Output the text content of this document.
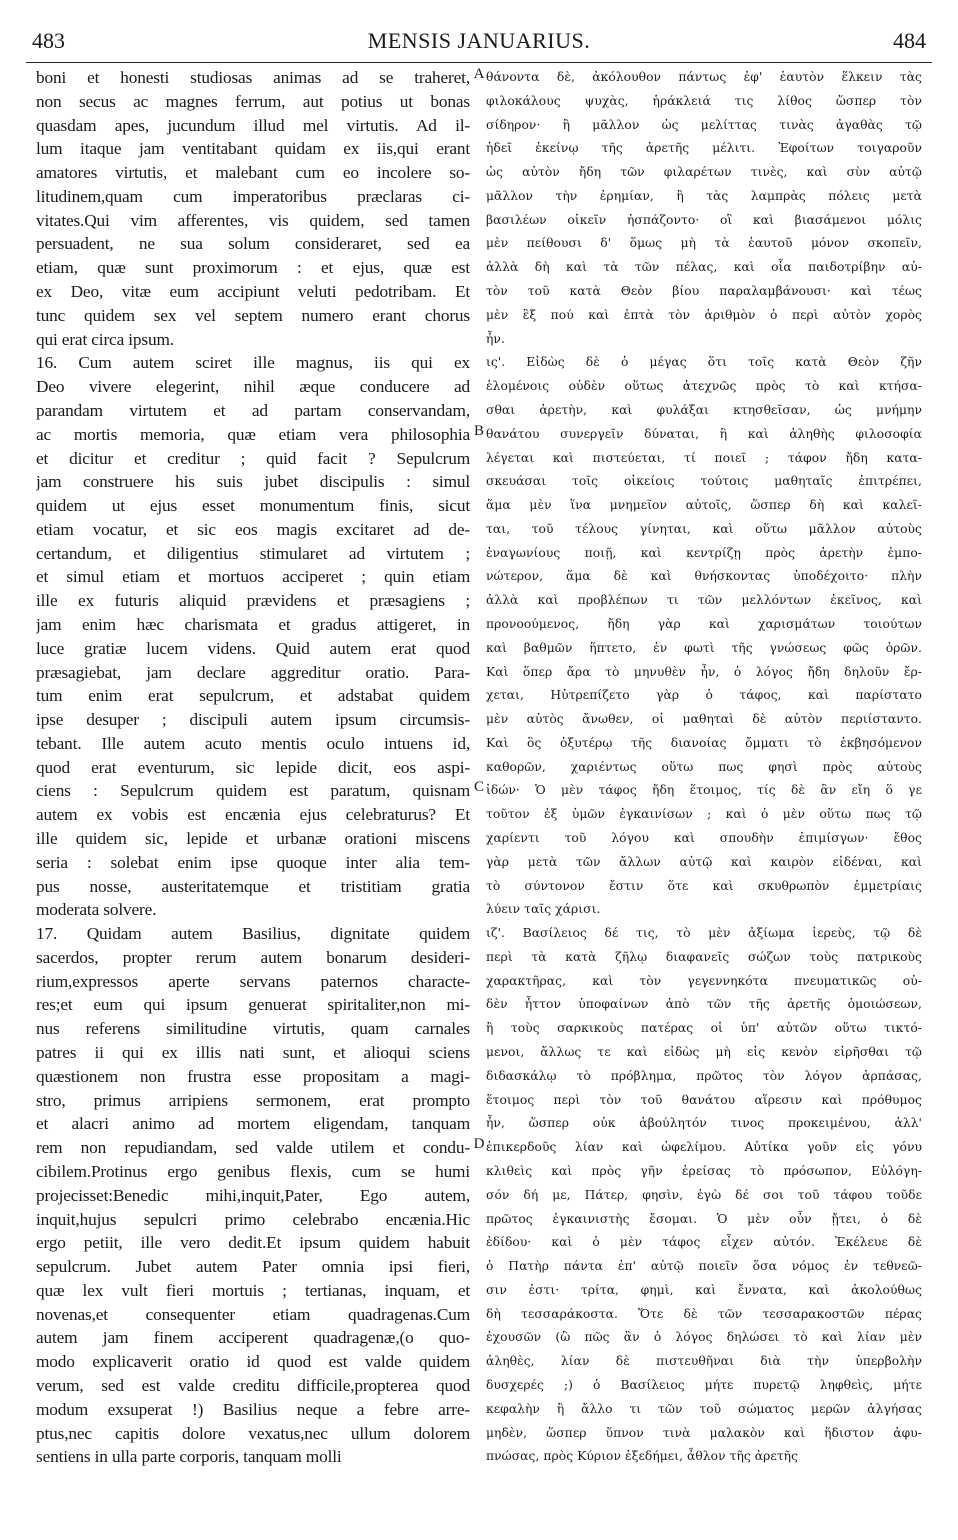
483	MENSIS JANUARIUS.	484
boni et honesti studiosas animas ad se traheret,
non secus ac magnes ferrum, aut potius ut bonas
quasdam apes, jucundum illud mel virtutis. Ad il-
lum itaque jam ventitabant quidam ex iis,qui erant
amatores virtutis, et malebant cum eo incolere so-
litudinem,quam cum imperatoribus præclaras ci-
vitates.Qui vim afferentes, vis quidem, sed tamen
persuadent, ne sua solum consideraret, sed ea
etiam, quæ sunt proximorum : et ejus, quæ est
ex Deo, vitæ eum accipiunt veluti pedotribam. Et
tunc quidem sex vel septem numero erant chorus
qui erat circa ipsum.
16. Cum autem sciret ille magnus, iis qui ex
Deo vivere elegerint, nihil æque conducere ad
parandam virtutem et ad partam conservandam,
ac mortis memoria, quæ etiam vera philosophia
et dicitur et creditur ; quid facit ? Sepulcrum
jam construere his suis jubet discipulis : simul
quidem ut ejus esset monumentum finis, sicut
etiam vocatur, et sic eos magis excitaret ad de-
certandum, et diligentius stimularet ad virtutem ;
et simul etiam et mortuos acciperet ; quin etiam
ille ex futuris aliquid prævidens et præsagiens ;
jam enim hæc charismata et gradus attigeret, in
luce gratiæ lucem videns. Quid autem erat quod
præsagiebat, jam declare aggreditur oratio. Para-
tum enim erat sepulcrum, et adstabat quidem
ipse desuper ; discipuli autem ipsum circumsis-
tebant. Ille autem acuto mentis oculo intuens id,
quod erat eventurum, sic lepide dicit, eos aspi-
ciens : Sepulcrum quidem est paratum, quisnam
autem ex vobis est encænia ejus celebraturus? Et
ille quidem sic, lepide et urbanæ orationi miscens
seria : solebat enim ipse quoque inter alia tem-
pus nosse, austeritatemque et tristitiam gratia
moderata solvere.
17. Quidam autem Basilius, dignitate quidem
sacerdos, propter rerum autem bonarum desideri-
rium,expressos aperte servans paternos characte-
res;et eum qui ipsum genuerat spiritaliter,non mi-
nus referens similitudine virtutis, quam carnales
patres ii qui ex illis nati sunt, et alioqui sciens
quæstionem non frustra esse propositam a magi-
stro, primus arripiens sermonem, erat prompto
et alacri animo ad mortem eligendam, tanquam
rem non repudiandam, sed valde utilem et condu-
cibilem.Protinus ergo genibus flexis, cum se humi
projecisset:Benedic mihi,inquit,Pater, Ego autem,
inquit,hujus sepulcri primo celebrabo encænia.Hic
ergo petiit, ille vero dedit.Et ipsum quidem habuit
sepulcrum. Jubet autem Pater omnia ipsi fieri,
quæ lex vult fieri mortuis ; tertianas, inquam, et
novenas,et consequenter etiam quadragenas.Cum
autem jam finem acciperent quadragenæ,(o quo-
modo explicaverit oratio id quod est valde quidem
verum, sed est valde creditu difficile,propterea quod
modum exsuperat !) Basilius neque a febre arre-
ptus,nec capitis dolore vexatus,nec ullum dolorem
sentiens in ulla parte corporis, tanquam molli
θάνοντα δὲ, ἀκόλουθον πάντως ἐφ' ἑαυτὸν ἕλκειν τὰς
φιλοκάλους ψυχὰς, ἡράκλειά τις λίθος ὥσπερ τὸν
σίδηρον· ἢ μᾶλλον ὡς μελίττας τινὰς ἀγαθὰς τῷ
ἡδεῖ ἐκείνῳ τῆς ἀρετῆς μέλιτι. Ἐφοίτων τοιγαροῦν
ὡς αὐτὸν ἤδη τῶν φιλαρέτων τινὲς, καὶ σὺν αὐτῷ
μᾶλλον τὴν ἐρημίαν, ἢ τὰς λαμπρὰς πόλεις μετὰ
βασιλέων οἰκεῖν ἠσπάζοντο· οἳ καὶ βιασάμενοι μόλις
μὲν πείθουσι δ' ὅμως μὴ τὰ ἑαυτοῦ μόνον σκοπεῖν,
ἀλλὰ δὴ καὶ τὰ τῶν πέλας, καὶ οἷα παιδοτρίβην αὐ-
τὸν τοῦ κατὰ Θεὸν βίου παραλαμβάνουσι· καὶ τέως
μὲν ἓξ πού καὶ ἑπτὰ τὸν ἀριθμὸν ὁ περὶ αὐτὸν χορὸς
ἦν.
ις'. Εἰδὼς δὲ ὁ μέγας ὅτι τοῖς κατὰ Θεὸν ζῆν
ἑλομένοις οὐδὲν οὕτως ἀτεχνῶς πρὸς τὸ καὶ κτήσα-
σθαι ἀρετὴν, καὶ φυλάξαι κτησθεῖσαν, ὡς μνήμην
θανάτου συνεργεῖν δύναται, ἣ καὶ ἀληθὴς φιλοσοφία
λέγεται καὶ πιστεύεται, τί ποιεῖ ; τάφον ἤδη κατα-
σκευάσαι τοῖς οἰκείοις τούτοις μαθηταῖς ἐπιτρέπει,
ἅμα μὲν ἵνα μνημεῖον αὐτοῖς, ὥσπερ δὴ καὶ καλεῖ-
ται, τοῦ τέλους γίνηται, καὶ οὕτω μᾶλλον αὐτοὺς
ἐναγωνίους ποιῇ, καὶ κεντρίζῃ πρὸς ἀρετὴν ἐμπο-
νώτερον, ἅμα δὲ καὶ θνήσκοντας ὑποδέχοιτο· πλὴν
ἀλλὰ καὶ προβλέπων τι τῶν μελλόντων ἐκεῖνος, καὶ
προνοούμενος, ἤδη γὰρ καὶ χαρισμάτων τοιούτων
καὶ βαθμῶν ἥπτετο, ἐν φωτὶ τῆς γνώσεως φῶς ὁρῶν.
Καὶ ὅπερ ἄρα τὸ μηνυθὲν ἦν, ὁ λόγος ἤδη δηλοῦν ἔρ-
χεται, Ηὐτρεπίζετο γὰρ ὁ τάφος, καὶ παρίστατο
μὲν αὐτὸς ἄνωθεν, οἱ μαθηταὶ δὲ αὐτὸν περιίσταντο.
Καὶ ὃς ὀξυτέρῳ τῆς διανοίας ὄμματι τὸ ἐκβησόμενον
καθορῶν, χαριέντως οὕτω πως φησὶ πρὸς αὐτοὺς
ἰδών· Ὁ μὲν τάφος ἤδη ἕτοιμος, τίς δὲ ἂν εἴη ὅ γε
τοῦτον ἐξ ὑμῶν ἐγκαινίσων ; καὶ ὁ μὲν οὕτω πως τῷ
χαρίεντι τοῦ λόγου καὶ σπουδὴν ἐπιμίσγων· ἔθος
γὰρ μετὰ τῶν ἄλλων αὐτῷ καὶ καιρὸν εἰδέναι, καὶ
τὸ σύντονον ἔστιν ὅτε καὶ σκυθρωπὸν ἐμμετρίαις
λύειν ταῖς χάρισι.
ιζ'. Βασίλειος δέ τις, τὸ μὲν ἀξίωμα ἱερεὺς, τῷ δὲ
περὶ τὰ κατὰ ζῆλῳ διαφανεῖς σώζων τοὺς πατρικοὺς
χαρακτῆρας, καὶ τὸν γεγεννηκότα πνευματικῶς οὐ-
δὲν ἧττον ὑποφαίνων ἀπὸ τῶν τῆς ἀρετῆς ὁμοιώσεων,
ἢ τοὺς σαρκικοὺς πατέρας οἱ ὑπ' αὐτῶν οὕτω τικτό-
μενοι, ἄλλως τε καὶ εἰδὼς μὴ εἰς κενὸν εἰρῆσθαι τῷ
διδασκάλῳ τὸ πρόβλημα, πρῶτος τὸν λόγον ἁρπάσας,
ἕτοιμος περὶ τὸν τοῦ θανάτου αἵρεσιν καὶ πρόθυμος
ἦν, ὥσπερ οὐκ ἀβούλητόν τινος προκειμένου, ἀλλ'
ἐπικερδοῦς λίαν καὶ ὠφελίμου. Αὐτίκα γοῦν εἰς γόνυ
κλιθεὶς καὶ πρὸς γῆν ἐρείσας τὸ πρόσωπον, Εὐλόγη-
σόν δή με, Πάτερ, φησὶν, ἐγὼ δέ σοι τοῦ τάφου τοῦδε
πρῶτος ἐγκαινιστὴς ἔσομαι. Ὁ μὲν οὖν ᾔτει, ὁ δὲ
ἐδίδου· καὶ ὁ μὲν τάφος εἶχεν αὐτόν. Ἐκέλευε δὲ
ὁ Πατὴρ πάντα ἐπ' αὐτῷ ποιεῖν ὅσα νόμος ἐν τεθνεῶ-
σιν ἐστι· τρίτα, φημὶ, καὶ ἔννατα, καὶ ἀκολούθως
δὴ τεσσαράκοστα. Ὅτε δὲ τῶν τεσσαρακοστῶν πέρας
ἐχουσῶν (ὢ πῶς ἂν ὁ λόγος δηλώσει τὸ καὶ λίαν μὲν
ἀληθὲς, λίαν δὲ πιστευθῆναι διὰ τὴν ὑπερβολὴν
δυσχερές ;) ὁ Βασίλειος μήτε πυρετῷ ληφθεὶς, μήτε
κεφαλὴν ἢ ἄλλο τι τῶν τοῦ σώματος μερῶν ἀλγήσας
μηδὲν, ὥσπερ ὕπνον τινὰ μαλακὸν καὶ ἥδιστον ἀφυ-
πνώσας, πρὸς Κύριον ἐξεδήμει, ἆθλον τῆς ἀρετῆς
A
B
C
D
